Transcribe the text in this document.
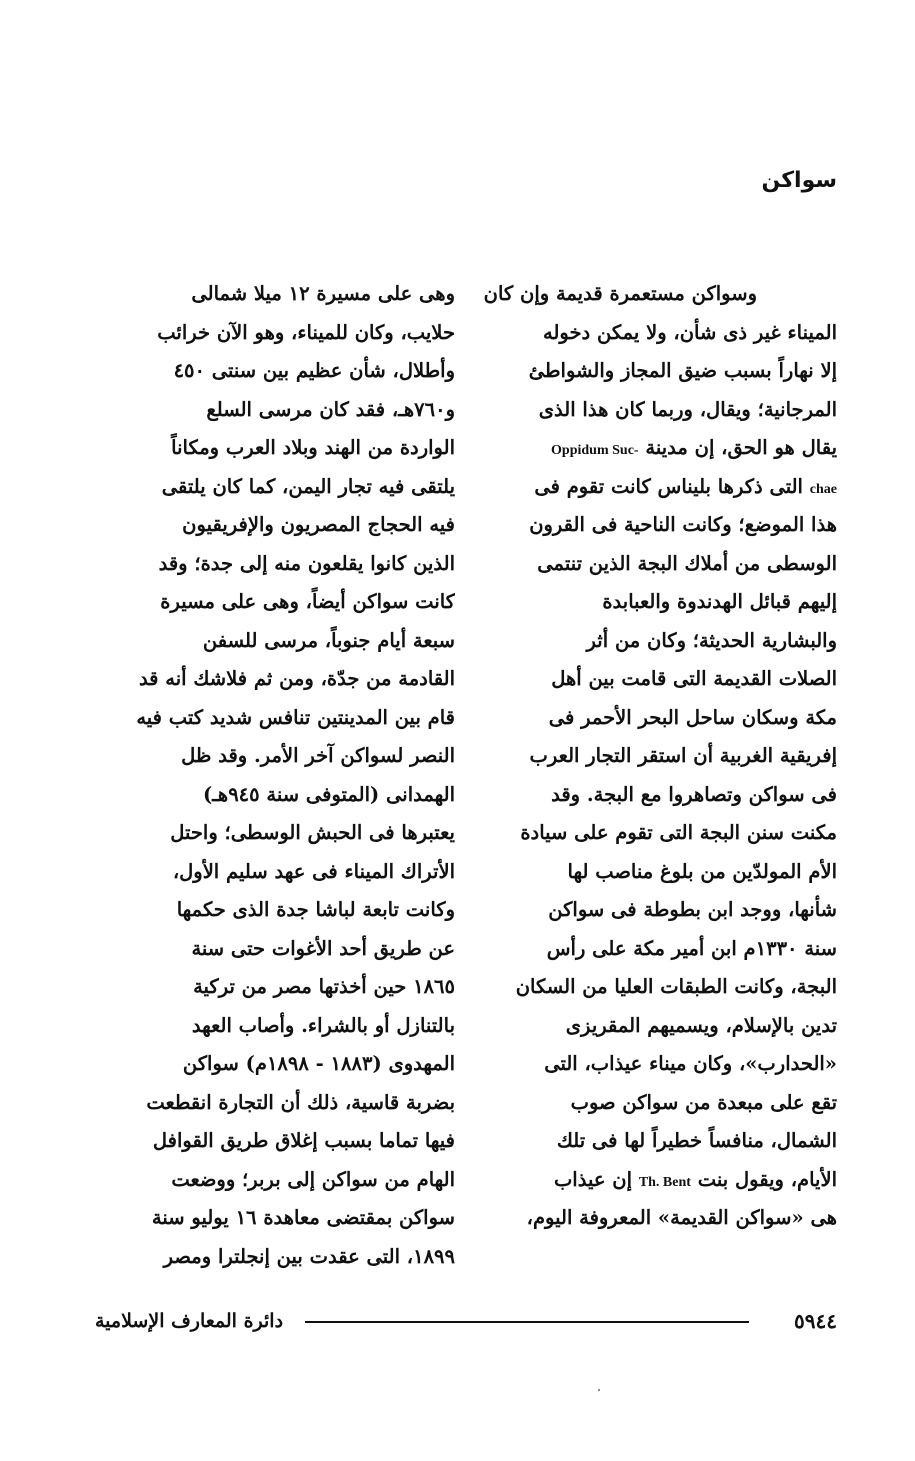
سواكن
وسواكن مستعمرة قديمة وإن كان
الميناء غير ذى شأن، ولا يمكن دخوله
إلا نهاراً بسبب ضيق المجاز والشواطئ
المرجانية؛ ويقال، وربما كان هذا الذى
يقال هو الحق، إن مدينة Oppidum Suc-
chae التى ذكرها بليناس كانت تقوم فى
هذا الموضع؛ وكانت الناحية فى القرون
الوسطى من أملاك البجة الذين تنتمى
إليهم قبائل الهدندوة والعبابدة
والبشارية الحديثة؛ وكان من أثر
الصلات القديمة التى قامت بين أهل
مكة وسكان ساحل البحر الأحمر فى
إفريقية الغربية أن استقر التجار العرب
فى سواكن وتصاهروا مع البجة. وقد
مكنت سنن البجة التى تقوم على سيادة
الأم المولدّين من بلوغ مناصب لها
شأنها، ووجد ابن بطوطة فى سواكن
سنة ١٣٣٠م ابن أمير مكة على رأس
البجة، وكانت الطبقات العليا من السكان
تدين بالإسلام، ويسميهم المقريزى
«الحدارب»، وكان ميناء عيذاب، التى
تقع على مبعدة من سواكن صوب
الشمال، منافساً خطيراً لها فى تلك
الأيام، ويقول بنت Th. Bent إن عيذاب
هى «سواكن القديمة» المعروفة اليوم،
وهى على مسيرة ١٢ ميلا شمالى
حلايب، وكان للميناء، وهو الآن خرائب
وأطلال، شأن عظيم بين سنتى ٤٥٠
و٧٦٠هـ، فقد كان مرسى السلع
الواردة من الهند وبلاد العرب ومكاناً
يلتقى فيه تجار اليمن، كما كان يلتقى
فيه الحجاج المصريون والإفريقيون
الذين كانوا يقلعون منه إلى جدة؛ وقد
كانت سواكن أيضاً، وهى على مسيرة
سبعة أيام جنوباً، مرسى للسفن
القادمة من جدّة، ومن ثم فلاشك أنه قد
قام بين المدينتين تنافس شديد كتب فيه
النصر لسواكن آخر الأمر. وقد ظل
الهمدانى (المتوفى سنة ٩٤٥هـ)
يعتبرها فى الحبش الوسطى؛ واحتل
الأتراك الميناء فى عهد سليم الأول،
وكانت تابعة لباشا جدة الذى حكمها
عن طريق أحد الأغوات حتى سنة
١٨٦٥ حين أخذتها مصر من تركية
بالتنازل أو بالشراء. وأصاب العهد
المهدوى (١٨٨٣ - ١٨٩٨م) سواكن
بضربة قاسية، ذلك أن التجارة انقطعت
فيها تماما بسبب إغلاق طريق القوافل
الهام من سواكن إلى بربر؛ ووضعت
سواكن بمقتضى معاهدة ١٦ يوليو سنة
١٨٩٩، التى عقدت بين إنجلترا ومصر
٥٩٤٤
دائرة المعارف الإسلامية
